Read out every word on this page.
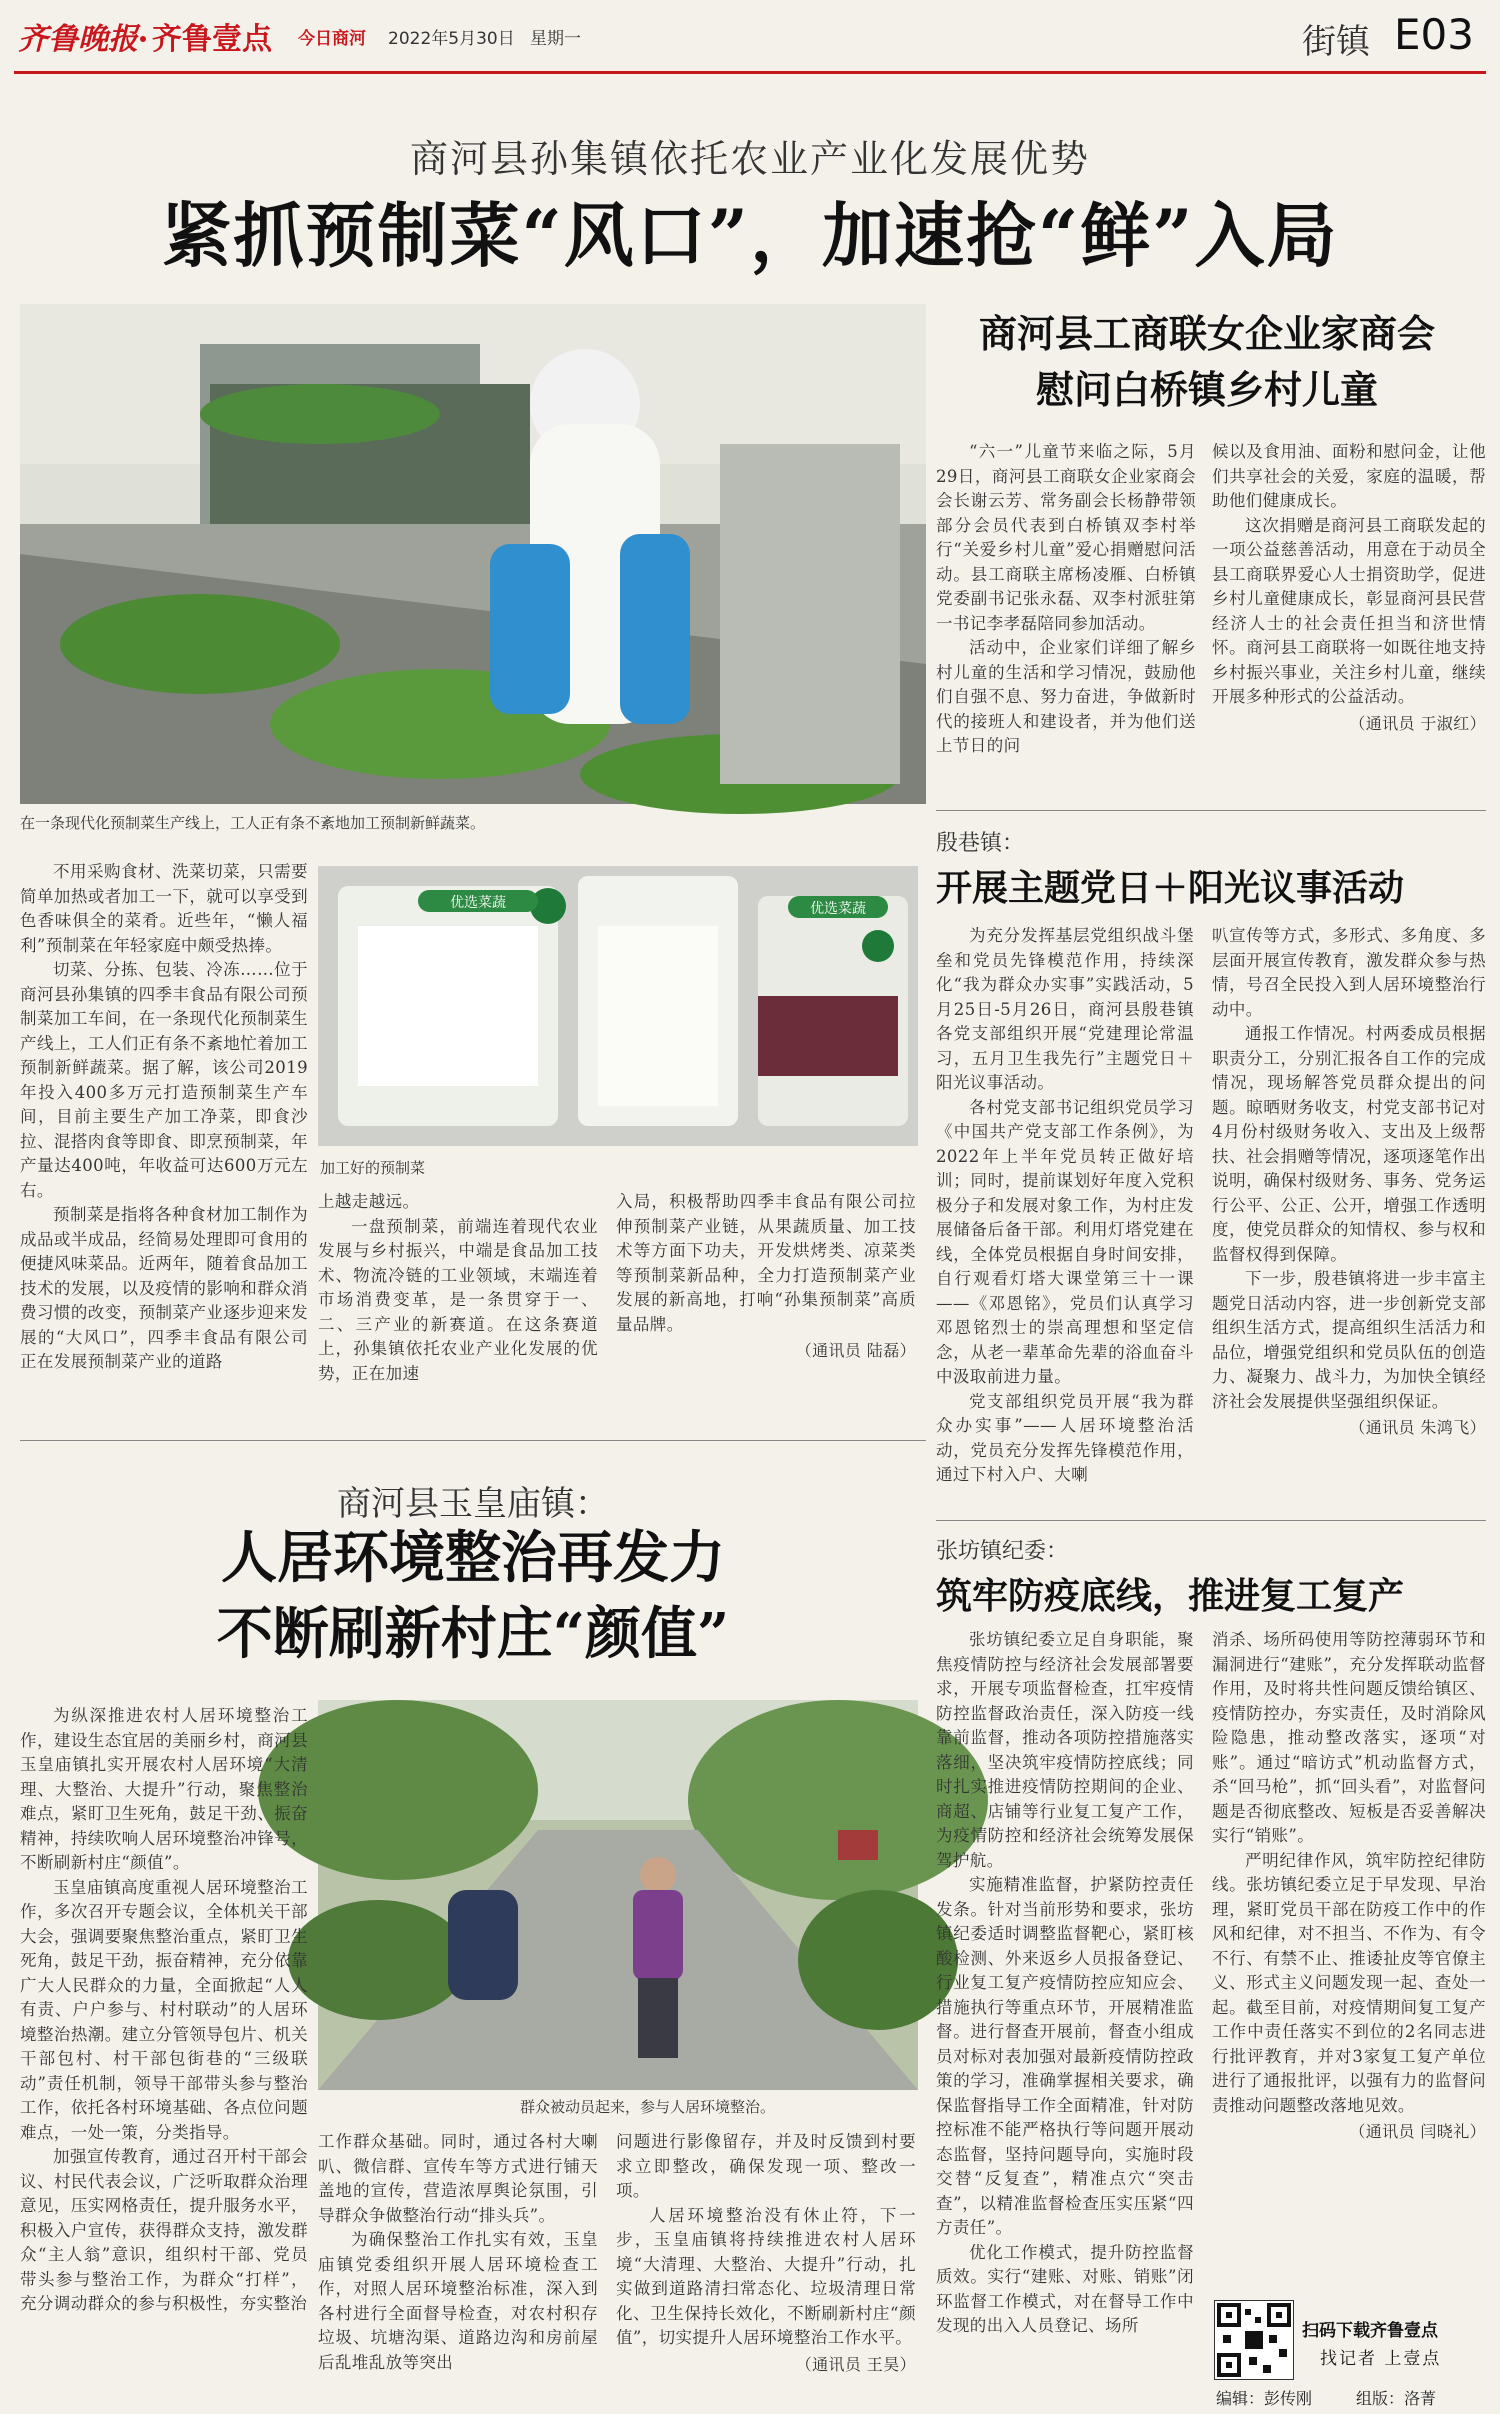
齐鲁晚报 齐鲁壹点 今日商河 2022年5月30日 星期一	街镇 E03
商河县孙集镇依托农业产业化发展优势
紧抓预制菜“风口”，加速抢“鲜”入局
在一条现代化预制菜生产线上，工人正有条不紊地加工预制新鲜蔬菜。

不用采购食材、洗菜切菜，只需要简单加热或者加工一下，就可以享受到色香味俱全的菜肴。近些年，“懒人福利”预制菜在年轻家庭中颇受热捧。

切菜、分拣、包装、冷冻……位于商河县孙集镇的四季丰食品有限公司预制菜加工车间，在一条现代化预制菜生产线上，工人们正有条不紊地忙着加工预制新鲜蔬菜。据了解，该公司2019年投入400多万元打造预制菜生产车间，目前主要生产加工净菜，即食沙拉、混搭肉食等即食、即烹预制菜，年产量达400吨，年收益可达600万元左右。

预制菜是指将各种食材加工制作为成品或半成品，经简易处理即可食用的便捷风味菜品。近两年，随着食品加工技术的发展，以及疫情的影响和群众消费习惯的改变，预制菜产业逐步迎来发展的“大风口”，四季丰食品有限公司正在发展预制菜产业的道路

优选菜蔬	优选菜蔬
加工好的预制菜

上越走越远。

一盘预制菜，前端连着现代农业发展与乡村振兴，中端是食品加工技术、物流冷链的工业领域，末端连着市场消费变革，是一条贯穿于一、二、三产业的新赛道。在这条赛道上，孙集镇依托农业产业化发展的优势，正在加速

入局，积极帮助四季丰食品有限公司拉伸预制菜产业链，从果蔬质量、加工技术等方面下功夫，开发烘烤类、凉菜类等预制菜新品种，全力打造预制菜产业发展的新高地，打响“孙集预制菜”高质量品牌。

（通讯员 陆磊）
商河县工商联女企业家商会
慰问白桥镇乡村儿童

“六一”儿童节来临之际，5月29日，商河县工商联女企业家商会会长谢云芳、常务副会长杨静带领部分会员代表到白桥镇双李村举行“关爱乡村儿童”爱心捐赠慰问活动。县工商联主席杨凌雁、白桥镇党委副书记张永磊、双李村派驻第一书记李孝磊陪同参加活动。

活动中，企业家们详细了解乡村儿童的生活和学习情况，鼓励他们自强不息、努力奋进，争做新时代的接班人和建设者，并为他们送上节日的问

候以及食用油、面粉和慰问金，让他们共享社会的关爱，家庭的温暖，帮助他们健康成长。

这次捐赠是商河县工商联发起的一项公益慈善活动，用意在于动员全县工商联界爱心人士捐资助学，促进乡村儿童健康成长，彰显商河县民营经济人士的社会责任担当和济世情怀。商河县工商联将一如既往地支持乡村振兴事业，关注乡村儿童，继续开展多种形式的公益活动。

（通讯员 于淑红）
殷巷镇：
开展主题党日＋阳光议事活动

为充分发挥基层党组织战斗堡垒和党员先锋模范作用，持续深化“我为群众办实事”实践活动，5月25日-5月26日，商河县殷巷镇各党支部组织开展“党建理论常温习，五月卫生我先行”主题党日＋阳光议事活动。

各村党支部书记组织党员学习《中国共产党支部工作条例》，为2022年上半年党员转正做好培训；同时，提前谋划好年度入党积极分子和发展对象工作，为村庄发展储备后备干部。利用灯塔党建在线，全体党员根据自身时间安排，自行观看灯塔大课堂第三十一课——《邓恩铭》，党员们认真学习邓恩铭烈士的崇高理想和坚定信念，从老一辈革命先辈的浴血奋斗中汲取前进力量。

党支部组织党员开展“我为群众办实事”——人居环境整治活动，党员充分发挥先锋模范作用，通过下村入户、大喇

叭宣传等方式，多形式、多角度、多层面开展宣传教育，激发群众参与热情，号召全民投入到人居环境整治行动中。

通报工作情况。村两委成员根据职责分工，分别汇报各自工作的完成情况，现场解答党员群众提出的问题。晾晒财务收支，村党支部书记对4月份村级财务收入、支出及上级帮扶、社会捐赠等情况，逐项逐笔作出说明，确保村级财务、事务、党务运行公平、公正、公开，增强工作透明度，使党员群众的知情权、参与权和监督权得到保障。

下一步，殷巷镇将进一步丰富主题党日活动内容，进一步创新党支部组织生活方式，提高组织生活活力和品位，增强党组织和党员队伍的创造力、凝聚力、战斗力，为加快全镇经济社会发展提供坚强组织保证。

（通讯员 朱鸿飞）
商河县玉皇庙镇：
人居环境整治再发力
不断刷新村庄“颜值”
群众被动员起来，参与人居环境整治。

为纵深推进农村人居环境整治工作，建设生态宜居的美丽乡村，商河县玉皇庙镇扎实开展农村人居环境“大清理、大整治、大提升”行动，聚焦整治难点，紧盯卫生死角，鼓足干劲、振奋精神，持续吹响人居环境整治冲锋号，不断刷新村庄“颜值”。

玉皇庙镇高度重视人居环境整治工作，多次召开专题会议，全体机关干部大会，强调要聚焦整治重点，紧盯卫生死角，鼓足干劲，振奋精神，充分依靠广大人民群众的力量，全面掀起“人人有责、户户参与、村村联动”的人居环境整治热潮。建立分管领导包片、机关干部包村、村干部包街巷的“三级联动”责任机制，领导干部带头参与整治工作，依托各村环境基础、各点位问题难点，一处一策，分类指导。

加强宣传教育，通过召开村干部会议、村民代表会议，广泛听取群众治理意见，压实网格责任，提升服务水平，积极入户宣传，获得群众支持，激发群众“主人翁”意识，组织村干部、党员带头参与整治工作，为群众“打样”，充分调动群众的参与积极性，夯实整治

工作群众基础。同时，通过各村大喇叭、微信群、宣传车等方式进行铺天盖地的宣传，营造浓厚舆论氛围，引导群众争做整治行动“排头兵”。

为确保整治工作扎实有效，玉皇庙镇党委组织开展人居环境检查工作，对照人居环境整治标准，深入到各村进行全面督导检查，对农村积存垃圾、坑塘沟渠、道路边沟和房前屋后乱堆乱放等突出

问题进行影像留存，并及时反馈到村要求立即整改，确保发现一项、整改一项。

人居环境整治没有休止符，下一步，玉皇庙镇将持续推进农村人居环境“大清理、大整治、大提升”行动，扎实做到道路清扫常态化、垃圾清理日常化、卫生保持长效化，不断刷新村庄“颜值”，切实提升人居环境整治工作水平。

（通讯员 王昊）
张坊镇纪委：
筑牢防疫底线，推进复工复产

张坊镇纪委立足自身职能，聚焦疫情防控与经济社会发展部署要求，开展专项监督检查，扛牢疫情防控监督政治责任，深入防疫一线靠前监督，推动各项防控措施落实落细，坚决筑牢疫情防控底线；同时扎实推进疫情防控期间的企业、商超、店铺等行业复工复产工作，为疫情防控和经济社会统筹发展保驾护航。

实施精准监督，护紧防控责任发条。针对当前形势和要求，张坊镇纪委适时调整监督靶心，紧盯核酸检测、外来返乡人员报备登记、行业复工复产疫情防控应知应会、措施执行等重点环节，开展精准监督。进行督查开展前，督查小组成员对标对表加强对最新疫情防控政策的学习，准确掌握相关要求，确保监督指导工作全面精准，针对防控标准不能严格执行等问题开展动态监督，坚持问题导向，实施时段交替“反复查”，精准点穴“突击查”，以精准监督检查压实压紧“四方责任”。

优化工作模式，提升防控监督质效。实行“建账、对账、销账”闭环监督工作模式，对在督导工作中发现的出入人员登记、场所

消杀、场所码使用等防控薄弱环节和漏洞进行“建账”，充分发挥联动监督作用，及时将共性问题反馈给镇区、疫情防控办，夯实责任，及时消除风险隐患，推动整改落实，逐项“对账”。通过“暗访式”机动监督方式，杀“回马枪”，抓“回头看”，对监督问题是否彻底整改、短板是否妥善解决实行“销账”。

严明纪律作风，筑牢防控纪律防线。张坊镇纪委立足于早发现、早治理，紧盯党员干部在防疫工作中的作风和纪律，对不担当、不作为、有令不行、有禁不止、推诿扯皮等官僚主义、形式主义问题发现一起、查处一起。截至目前，对疫情期间复工复产工作中责任落实不到位的2名同志进行批评教育，并对3家复工复产单位进行了通报批评，以强有力的监督问责推动问题整改落地见效。

（通讯员 闫晓礼）
扫码下载齐鲁壹点
找记者 上壹点
编辑：彭传刚	组版：洛菁
